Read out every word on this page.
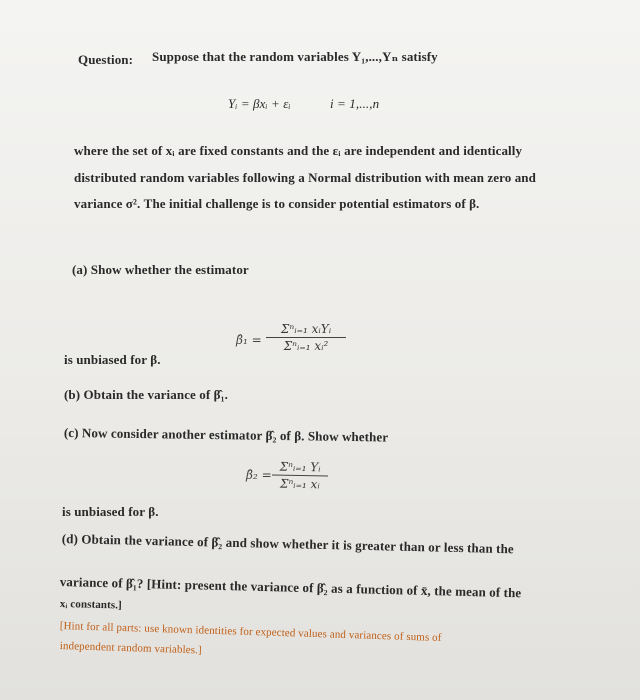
Question: Suppose that the random variables Y₁,...,Yₙ satisfy
Yᵢ = βxᵢ + εᵢ	i = 1,...,n
where the set of xᵢ are fixed constants and the εᵢ are independent and identically
distributed random variables following a Normal distribution with mean zero and
variance σ². The initial challenge is to consider potential estimators of β.
(a) Show whether the estimator
β̂₁ =
Σⁿᵢ₌₁ xᵢYᵢ
Σⁿᵢ₌₁ xᵢ²
is unbiased for β.
(b) Obtain the variance of β̂₁.
(c) Now consider another estimator β̂₂ of β. Show whether
β̂₂ =
Σⁿᵢ₌₁ Yᵢ
Σⁿᵢ₌₁ xᵢ
is unbiased for β.
(d) Obtain the variance of β̂₂ and show whether it is greater than or less than the
variance of β̂₁? [Hint: present the variance of β̂₂ as a function of x̄, the mean of the
xᵢ constants.]
[Hint for all parts: use known identities for expected values and variances of sums of
independent random variables.]
